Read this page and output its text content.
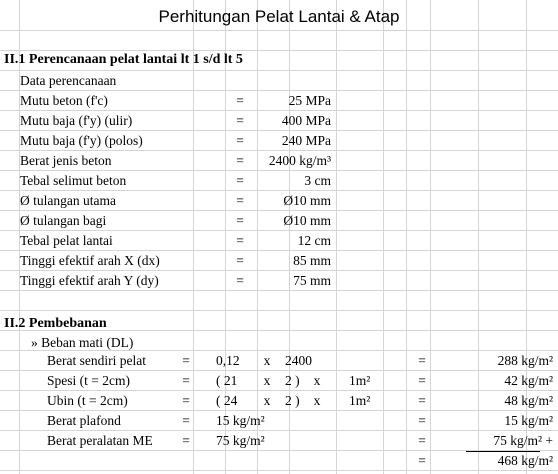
Perhitungan Pelat Lantai & Atap
II.1 Perencanaan pelat lantai lt 1 s/d lt 5
Data perencanaan
Mutu beton (f'c)	=	25 MPa
Mutu baja (f'y) (ulir)	=	400 MPa
Mutu baja (f'y) (polos)	=	240 MPa
Berat jenis beton	=	2400 kg/m³
Tebal selimut beton	=	3 cm
Ø tulangan utama	=	Ø10 mm
Ø tulangan bagi	=	Ø10 mm
Tebal pelat lantai	=	12 cm
Tinggi efektif arah X (dx)	=	85 mm
Tinggi efektif arah Y (dy)	=	75 mm
II.2 Pembebanan
» Beban mati (DL)
Berat sendiri pelat	=	0,12	x	2400	=	288 kg/m²
Spesi (t = 2cm)	=	( 21	x	2 )	x	1m²	=	42 kg/m²
Ubin (t = 2cm)	=	( 24	x	2 )	x	1m²	=	48 kg/m²
Berat plafond	=	15 kg/m²	=	15 kg/m²
Berat peralatan ME	=	75 kg/m²	=	75 kg/m² +
=	468 kg/m²
